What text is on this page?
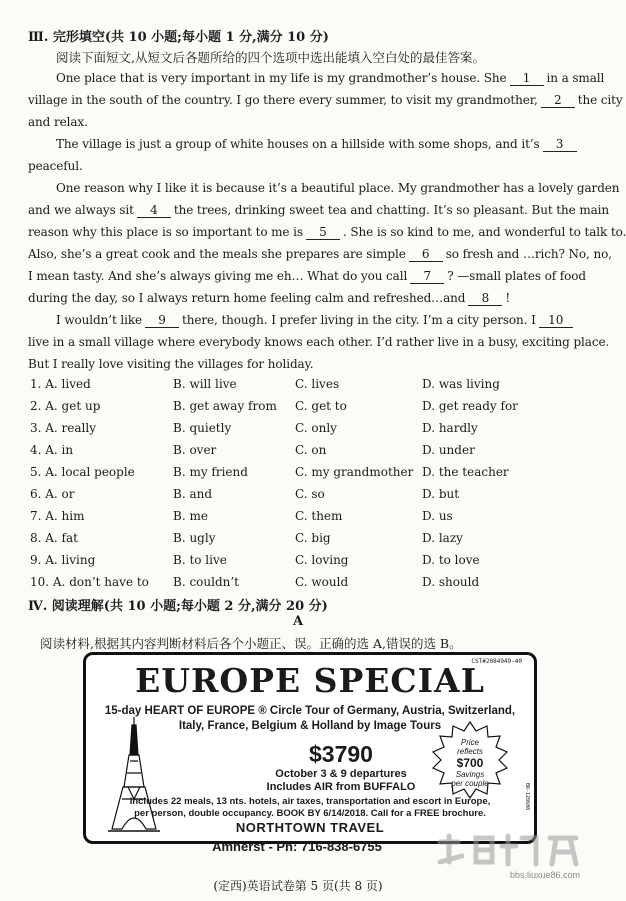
Ⅲ. 完形填空(共 10 小题;每小题 1 分,满分 10 分)
阅读下面短文,从短文后各题所给的四个选项中选出能填入空白处的最佳答案。
One place that is very important in my life is my grandmother’s house. She 1 in a small
village in the south of the country. I go there every summer, to visit my grandmother, 2 the city
and relax.
The village is just a group of white houses on a hillside with some shops, and it’s 3
peaceful.
One reason why I like it is because it’s a beautiful place. My grandmother has a lovely garden
and we always sit 4 the trees, drinking sweet tea and chatting. It’s so pleasant. But the main
reason why this place is so important to me is 5 . She is so kind to me, and wonderful to talk to.
Also, she’s a great cook and the meals she prepares are simple 6 so fresh and …rich? No, no,
I mean tasty. And she’s always giving me eh… What do you call 7 ? —small plates of food
during the day, so I always return home feeling calm and refreshed…and 8 !
I wouldn’t like 9 there, though. I prefer living in the city. I’m a city person. I 10
live in a small village where everybody knows each other. I’d rather live in a busy, exciting place.
But I really love visiting the villages for holiday.
1. A. lived	B. will live	C. lives	D. was living
2. A. get up	B. get away from C. get to	D. get ready for
3. A. really	B. quietly	C. only	D. hardly
4. A. in	B. over	C. on	D. under
5. A. local people	B. my friend	C. my grandmother D. the teacher
6. A. or	B. and	C. so	D. but
7. A. him	B. me	C. them	D. us
8. A. fat	B. ugly	C. big	D. lazy
9. A. living	B. to live	C. loving	D. to love
10. A. don’t have to B. couldn’t	C. would	D. should
Ⅳ. 阅读理解(共 10 小题;每小题 2 分,满分 20 分)
A
阅读材料,根据其内容判断材料后各个小题正、误。正确的选 A,错误的选 B。
CST#2084949-40
EUROPE SPECIAL
15-day HEART OF EUROPE ® Circle Tour of Germany, Austria, Switzerland,
Italy, France, Belgium & Holland by Image Tours
$3790
October 3 & 9 departures
Includes AIR from BUFFALO
Price
reflects
$700
Savings
per couple
Includes 22 meals, 13 nts. hotels, air taxes, transportation and escort in Europe,
per person, double occupancy. BOOK BY 6/14/2018. Call for a FREE brochure.
NORTHTOWN TRAVEL
BR-120608
Amherst - Ph: 716-838-6755
(定西)英语试卷第 5 页(共 8 页)
bbs.liuxue86.com
